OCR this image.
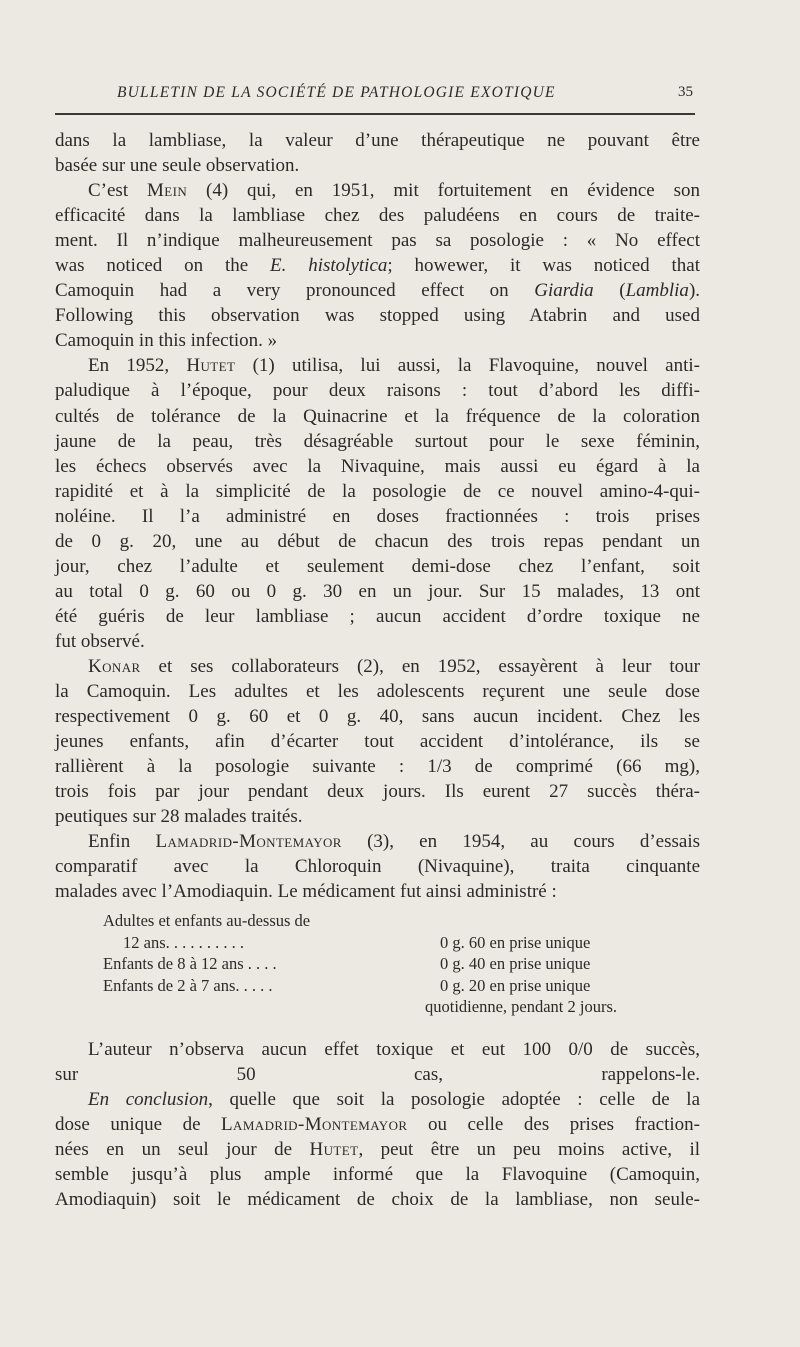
BULLETIN DE LA SOCIÉTÉ DE PATHOLOGIE EXOTIQUE	35

dans la lambliase, la valeur d’une thérapeutique ne pouvant être

basée sur une seule observation.

C’est Mein (4) qui, en 1951, mit fortuitement en évidence son

efficacité dans la lambliase chez des paludéens en cours de traite-

ment. Il n’indique malheureusement pas sa posologie : « No effect

was noticed on the E. histolytica; howewer, it was noticed that

Camoquin had a very pronounced effect on Giardia (Lamblia).

Following this observation was stopped using Atabrin and used

Camoquin in this infection. »

En 1952, Hutet (1) utilisa, lui aussi, la Flavoquine, nouvel anti-

paludique à l’époque, pour deux raisons : tout d’abord les diffi-

cultés de tolérance de la Quinacrine et la fréquence de la coloration

jaune de la peau, très désagréable surtout pour le sexe féminin,

les échecs observés avec la Nivaquine, mais aussi eu égard à la

rapidité et à la simplicité de la posologie de ce nouvel amino-4-qui-

noléine. Il l’a administré en doses fractionnées : trois prises

de 0 g. 20, une au début de chacun des trois repas pendant un

jour, chez l’adulte et seulement demi-dose chez l’enfant, soit

au total 0 g. 60 ou 0 g. 30 en un jour. Sur 15 malades, 13 ont

été guéris de leur lambliase ; aucun accident d’ordre toxique ne

fut observé.

Konar et ses collaborateurs (2), en 1952, essayèrent à leur tour

la Camoquin. Les adultes et les adolescents reçurent une seule dose

respectivement 0 g. 60 et 0 g. 40, sans aucun incident. Chez les

jeunes enfants, afin d’écarter tout accident d’intolérance, ils se

rallièrent à la posologie suivante : 1/3 de comprimé (66 mg),

trois fois par jour pendant deux jours. Ils eurent 27 succès théra-

peutiques sur 28 malades traités.

Enfin Lamadrid-Montemayor (3), en 1954, au cours d’essais

comparatif avec la Chloroquin (Nivaquine), traita cinquante

malades avec l’Amodiaquin. Le médicament fut ainsi administré :

Adultes et enfants au-dessus de
12 ans. . . . . . . . . .	0 g. 60 en prise unique
Enfants de 8 à 12 ans . . . .	0 g. 40 en prise unique
Enfants de 2 à 7 ans. . . . .	0 g. 20 en prise unique
quotidienne, pendant 2 jours.

L’auteur n’observa aucun effet toxique et eut 100 0/0 de succès,

sur 50 cas, rappelons-le.

En conclusion, quelle que soit la posologie adoptée : celle de la

dose unique de Lamadrid-Montemayor ou celle des prises fraction-

nées en un seul jour de Hutet, peut être un peu moins active, il

semble jusqu’à plus ample informé que la Flavoquine (Camoquin,

Amodiaquin) soit le médicament de choix de la lambliase, non seule-
